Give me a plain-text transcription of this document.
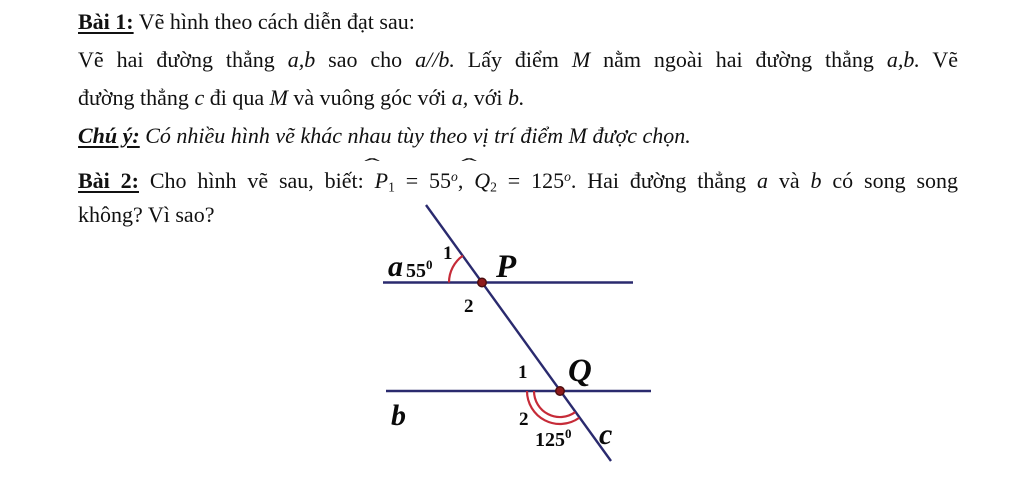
Bài 1: Vẽ hình theo cách diễn đạt sau:
Vẽ hai đường thẳng a,b sao cho a//b. Lấy điểm M nằm ngoài hai đường thẳng a,b. Vẽ
đường thẳng c đi qua M và vuông góc với a, với b.
Chú ý: Có nhiều hình vẽ khác nhau tùy theo vị trí điểm M được chọn.
Bài 2: Cho hình vẽ sau, biết:
ˆ
$P1 = 55^o$,
ˆ
$Q2 = 125^o$. Hai đường thẳng a và b có song song
không? Vì sao?
a
b
c
P
Q
1
2
1
2
$55^0$
$125^0$
